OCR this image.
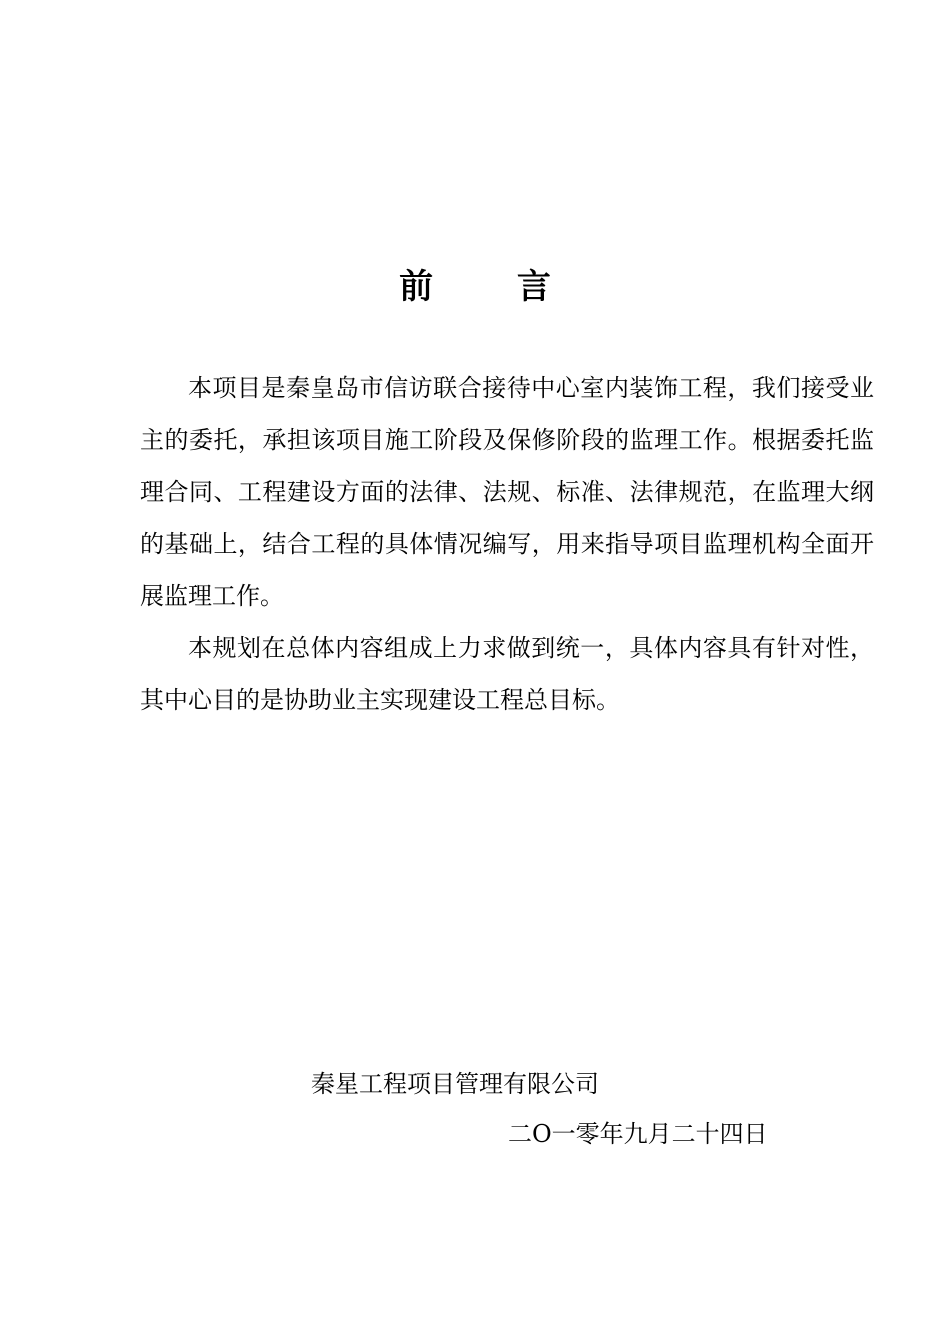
前 言

本项目是秦皇岛市信访联合接待中心室内装饰工程，我们接受业主的委托，承担该项目施工阶段及保修阶段的监理工作。根据委托监理合同、工程建设方面的法律、法规、标准、法律规范，在监理大纲的基础上，结合工程的具体情况编写，用来指导项目监理机构全面开展监理工作。

本规划在总体内容组成上力求做到统一，具体内容具有针对性，其中心目的是协助业主实现建设工程总目标。

秦星工程项目管理有限公司
二O一零年九月二十四日
